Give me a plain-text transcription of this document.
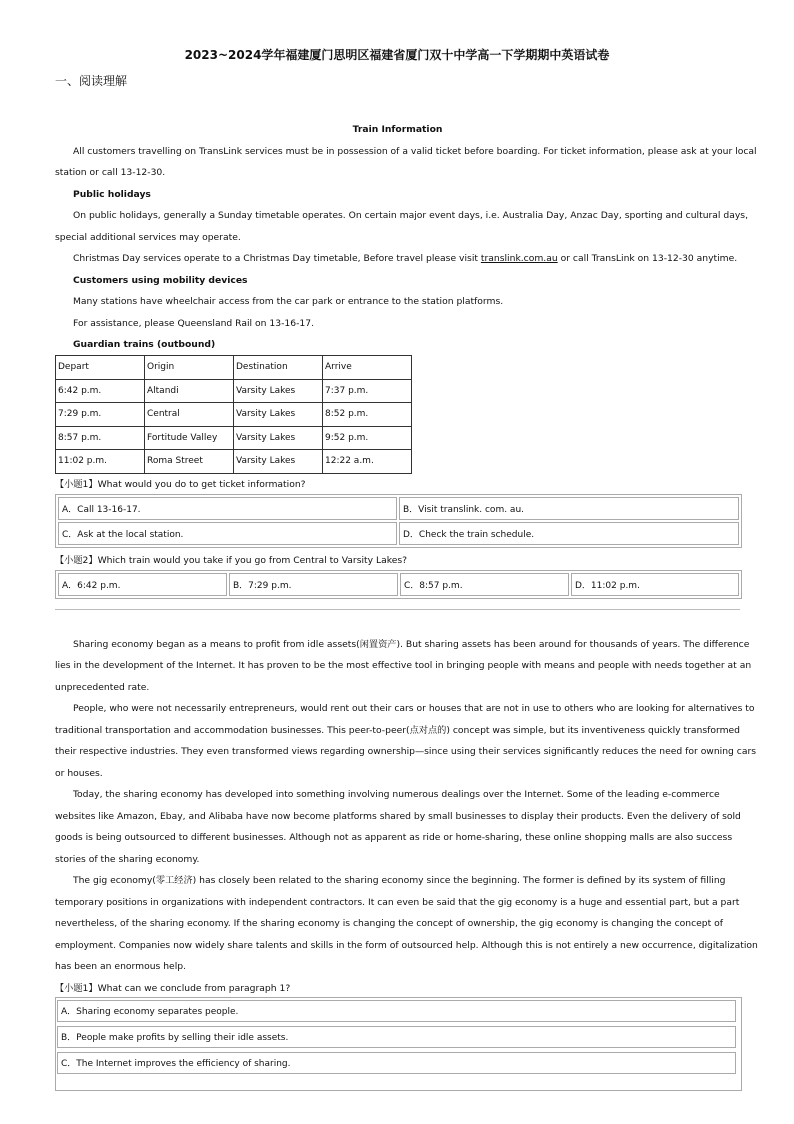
2023~2024学年福建厦门思明区福建省厦门双十中学高一下学期期中英语试卷
一、阅读理解
Train Information
All customers travelling on TransLink services must be in possession of a valid ticket before boarding. For ticket information, please ask at your local
station or call 13-12-30.
Public holidays
On public holidays, generally a Sunday timetable operates. On certain major event days, i.e. Australia Day, Anzac Day, sporting and cultural days,
special additional services may operate.
Christmas Day services operate to a Christmas Day timetable, Before travel please visit translink.com.au or call TransLink on 13-12-30 anytime.
Customers using mobility devices
Many stations have wheelchair access from the car park or entrance to the station platforms.
For assistance, please Queensland Rail on 13-16-17.
Guardian trains (outbound)
Depart	Origin	Destination	Arrive
6:42 p.m.	Altandi	Varsity Lakes	7:37 p.m.
7:29 p.m.	Central	Varsity Lakes	8:52 p.m.
8:57 p.m.	Fortitude Valley	Varsity Lakes	9:52 p.m.
11:02 p.m.	Roma Street	Varsity Lakes	12:22 a.m.
【小题1】What would you do to get ticket information?
A．Call 13-16-17.	B．Visit translink. com. au.
C．Ask at the local station.	D．Check the train schedule.
【小题2】Which train would you take if you go from Central to Varsity Lakes?
A．6:42 p.m.	B．7:29 p.m.	C．8:57 p.m.	D．11:02 p.m.
Sharing economy began as a means to profit from idle assets(闲置资产). But sharing assets has been around for thousands of years. The difference
lies in the development of the Internet. It has proven to be the most effective tool in bringing people with means and people with needs together at an
unprecedented rate.
People, who were not necessarily entrepreneurs, would rent out their cars or houses that are not in use to others who are looking for alternatives to
traditional transportation and accommodation businesses. This peer-to-peer(点对点的) concept was simple, but its inventiveness quickly transformed
their respective industries. They even transformed views regarding ownership—since using their services significantly reduces the need for owning cars
or houses.
Today, the sharing economy has developed into something involving numerous dealings over the Internet. Some of the leading e-commerce
websites like Amazon, Ebay, and Alibaba have now become platforms shared by small businesses to display their products. Even the delivery of sold
goods is being outsourced to different businesses. Although not as apparent as ride or home-sharing, these online shopping malls are also success
stories of the sharing economy.
The gig economy(零工经济) has closely been related to the sharing economy since the beginning. The former is defined by its system of filling
temporary positions in organizations with independent contractors. It can even be said that the gig economy is a huge and essential part, but a part
nevertheless, of the sharing economy. If the sharing economy is changing the concept of ownership, the gig economy is changing the concept of
employment. Companies now widely share talents and skills in the form of outsourced help. Although this is not entirely a new occurrence, digitalization
has been an enormous help.
【小题1】What can we conclude from paragraph 1?
A．Sharing economy separates people.
B．People make profits by selling their idle assets.
C．The Internet improves the efficiency of sharing.
